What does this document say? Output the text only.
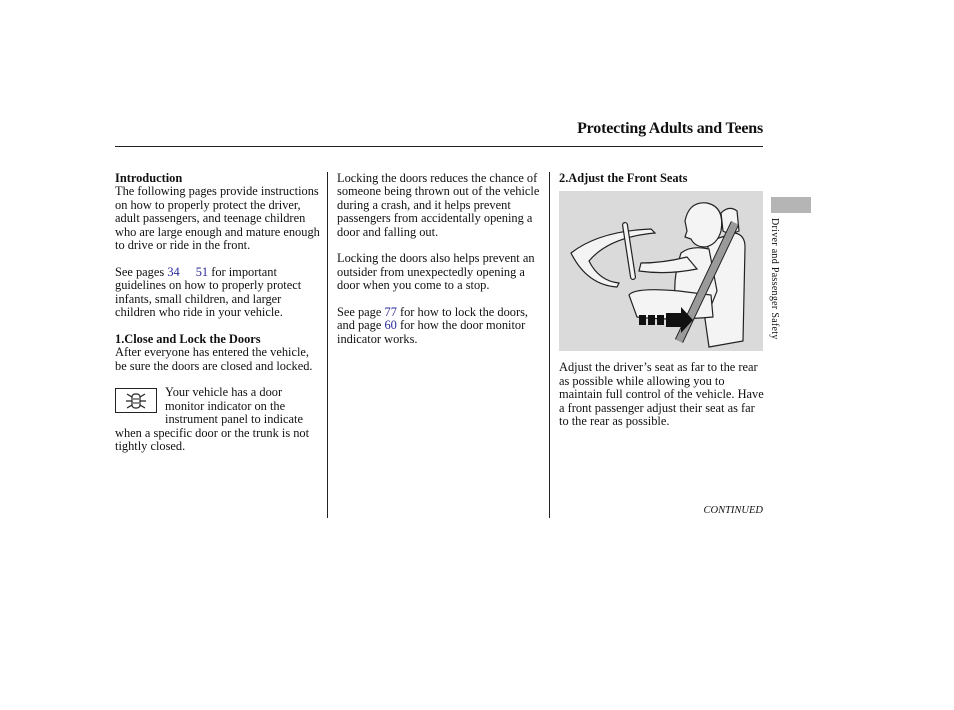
Protecting Adults and Teens

Introduction

The following pages provide instructions on how to properly protect the driver, adult passengers, and teenage children who are large enough and mature enough to drive or ride in the front.

See pages 34 51 for important guidelines on how to properly protect infants, small children, and larger children who ride in your vehicle.

1.Close and Lock the Doors

After everyone has entered the vehicle, be sure the doors are closed and locked.

Your vehicle has a door monitor indicator on the instrument panel to indicate when a specific door or the trunk is not tightly closed.

Locking the doors reduces the chance of someone being thrown out of the vehicle during a crash, and it helps prevent passengers from accidentally opening a door and falling out.

Locking the doors also helps prevent an outsider from unexpectedly opening a door when you come to a stop.

See page 77 for how to lock the doors, and page 60 for how the door monitor indicator works.

2.Adjust the Front Seats

Adjust the driver’s seat as far to the rear as possible while allowing you to maintain full control of the vehicle. Have a front passenger adjust their seat as far to the rear as possible.

CONTINUED
Driver and Passenger Safety
